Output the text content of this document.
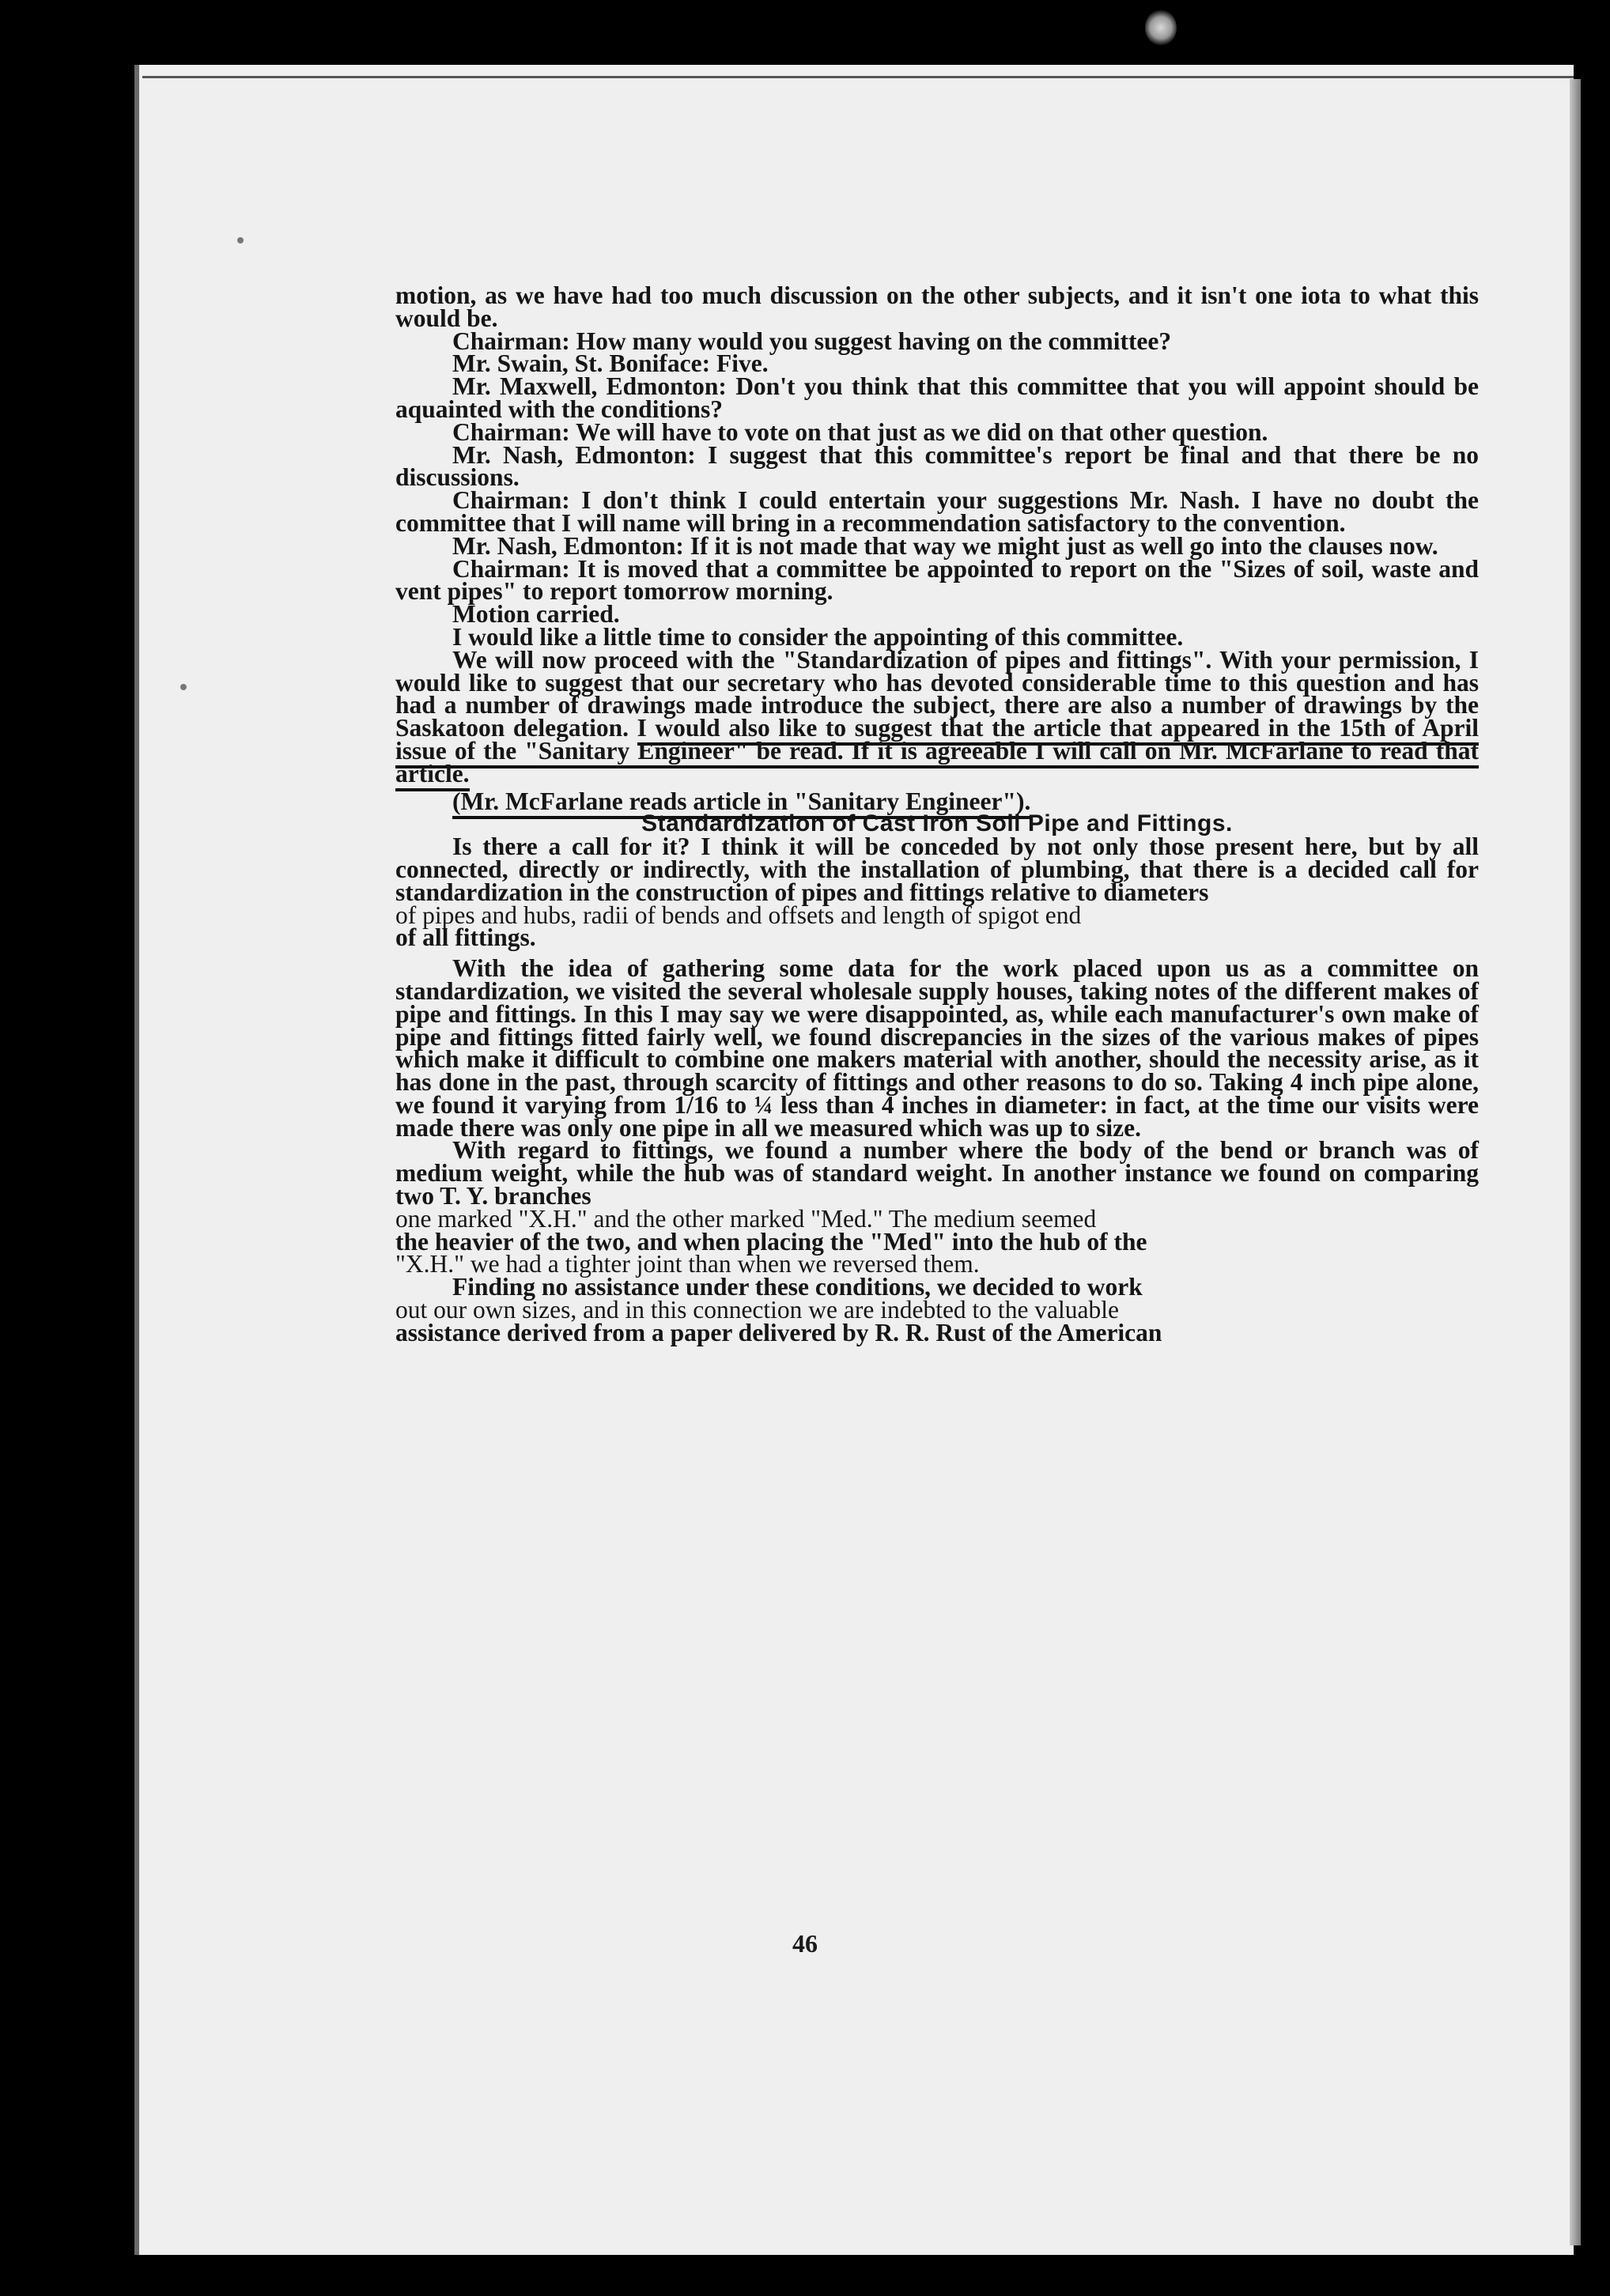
motion, as we have had too much discussion on the other subjects, and it isn't one iota to what this would be.

Chairman: How many would you suggest having on the committee?

Mr. Swain, St. Boniface: Five.

Mr. Maxwell, Edmonton: Don't you think that this committee that you will appoint should be aquainted with the conditions?

Chairman: We will have to vote on that just as we did on that other question.

Mr. Nash, Edmonton: I suggest that this committee's report be final and that there be no discussions.

Chairman: I don't think I could entertain your suggestions Mr. Nash. I have no doubt the committee that I will name will bring in a recommendation satisfactory to the convention.

Mr. Nash, Edmonton: If it is not made that way we might just as well go into the clauses now.

Chairman: It is moved that a committee be appointed to report on the "Sizes of soil, waste and vent pipes" to report tomorrow morning.

Motion carried.

I would like a little time to consider the appointing of this committee.

We will now proceed with the "Standardization of pipes and fittings". With your permission, I would like to suggest that our secretary who has devoted considerable time to this question and has had a number of drawings made introduce the subject, there are also a number of drawings by the Saskatoon delegation. I would also like to suggest that the article that appeared in the 15th of April issue of the "Sanitary Engineer" be read. If it is agreeable I will call on Mr. McFarlane to read that article.

(Mr. McFarlane reads article in "Sanitary Engineer").

Standardization of Cast Iron Soil Pipe and Fittings.

Is there a call for it? I think it will be conceded by not only those present here, but by all connected, directly or indirectly, with the installation of plumbing, that there is a decided call for standardization in the construction of pipes and fittings relative to diameters

of pipes and hubs, radii of bends and offsets and length of spigot end

of all fittings.

With the idea of gathering some data for the work placed upon us as a committee on standardization, we visited the several wholesale supply houses, taking notes of the different makes of pipe and fittings. In this I may say we were disappointed, as, while each manufacturer's own make of pipe and fittings fitted fairly well, we found discrepancies in the sizes of the various makes of pipes which make it difficult to combine one makers material with another, should the necessity arise, as it has done in the past, through scarcity of fittings and other reasons to do so. Taking 4 inch pipe alone, we found it varying from 1/16 to ¼ less than 4 inches in diameter: in fact, at the time our visits were made there was only one pipe in all we measured which was up to size.

With regard to fittings, we found a number where the body of the bend or branch was of medium weight, while the hub was of standard weight. In another instance we found on comparing two T. Y. branches

one marked "X.H." and the other marked "Med." The medium seemed

the heavier of the two, and when placing the "Med" into the hub of the

"X.H." we had a tighter joint than when we reversed them.

Finding no assistance under these conditions, we decided to work

out our own sizes, and in this connection we are indebted to the valuable

assistance derived from a paper delivered by R. R. Rust of the American

46
